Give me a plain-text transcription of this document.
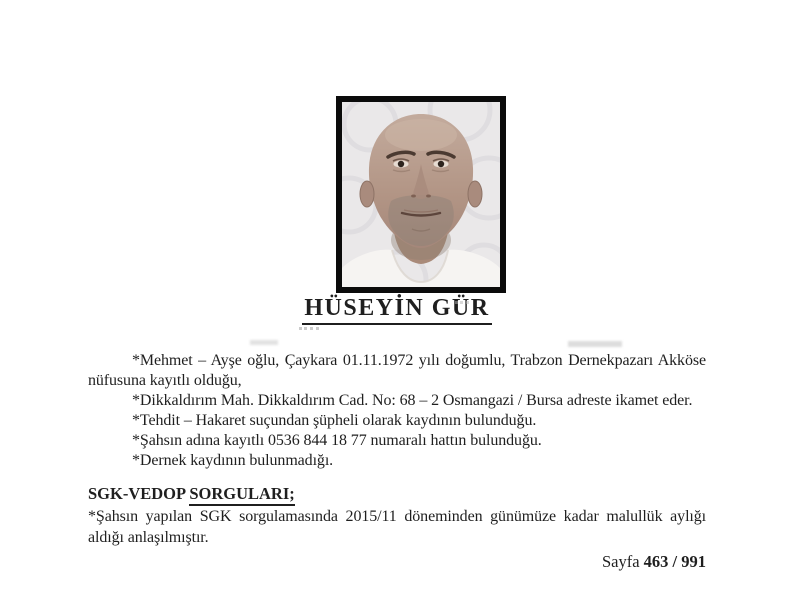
HÜSEYİN GÜR

*Mehmet – Ayşe oğlu, Çaykara 01.11.1972 yılı doğumlu, Trabzon Dernekpazarı Akköse

nüfusuna kayıtlı olduğu,

*Dikkaldırım Mah. Dikkaldırım Cad. No: 68 – 2 Osmangazi / Bursa adreste ikamet eder.

*Tehdit – Hakaret suçundan şüpheli olarak kaydının bulunduğu.

*Şahsın adına kayıtlı 0536 844 18 77 numaralı hattın bulunduğu.

*Dernek kaydının bulunmadığı.

SGK-VEDOP SORGULARI;

*Şahsın yapılan SGK sorgulamasında 2015/11 döneminden günümüze kadar malullük aylığı

aldığı anlaşılmıştır.

Sayfa 463 / 991
